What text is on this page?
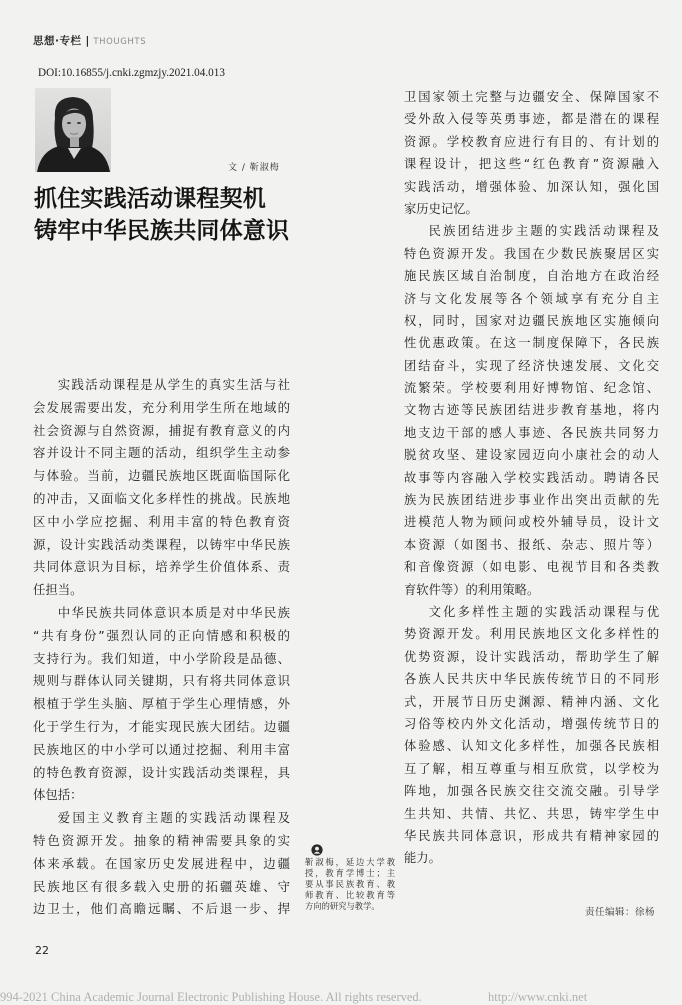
思想·专栏 | THOUGHTS
DOI:10.16855/j.cnki.zgmzjy.2021.04.013
文 / 靳淑梅
抓住实践活动课程契机
铸牢中华民族共同体意识
实践活动课程是从学生的真实生活与社
会发展需要出发，充分利用学生所在地域的
社会资源与自然资源，捕捉有教育意义的内
容并设计不同主题的活动，组织学生主动参
与体验。当前，边疆民族地区既面临国际化
的冲击，又面临文化多样性的挑战。民族地
区中小学应挖掘、利用丰富的特色教育资
源，设计实践活动类课程，以铸牢中华民族
共同体意识为目标，培养学生价值体系、责
任担当。
中华民族共同体意识本质是对中华民族
“共有身份”强烈认同的正向情感和积极的
支持行为。我们知道，中小学阶段是品德、
规则与群体认同关键期，只有将共同体意识
根植于学生头脑、厚植于学生心理情感，外
化于学生行为，才能实现民族大团结。边疆
民族地区的中小学可以通过挖掘、利用丰富
的特色教育资源，设计实践活动类课程，具
体包括：
爱国主义教育主题的实践活动课程及
特色资源开发。抽象的精神需要具象的实
体来承载。在国家历史发展进程中，边疆
民族地区有很多载入史册的拓疆英雄、守
边卫士，他们高瞻远瞩、不后退一步、捍
卫国家领土完整与边疆安全、保障国家不
受外敌入侵等英勇事迹，都是潜在的课程
资源。学校教育应进行有目的、有计划的
课程设计，把这些“红色教育”资源融入
实践活动，增强体验、加深认知，强化国
家历史记忆。
民族团结进步主题的实践活动课程及
特色资源开发。我国在少数民族聚居区实
施民族区域自治制度，自治地方在政治经
济与文化发展等各个领域享有充分自主
权，同时，国家对边疆民族地区实施倾向
性优惠政策。在这一制度保障下，各民族
团结奋斗，实现了经济快速发展、文化交
流繁荣。学校要利用好博物馆、纪念馆、
文物古迹等民族团结进步教育基地，将内
地支边干部的感人事迹、各民族共同努力
脱贫攻坚、建设家园迈向小康社会的动人
故事等内容融入学校实践活动。聘请各民
族为民族团结进步事业作出突出贡献的先
进模范人物为顾问或校外辅导员，设计文
本资源（如图书、报纸、杂志、照片等）
和音像资源（如电影、电视节目和各类教
育软件等）的利用策略。
文化多样性主题的实践活动课程与优
势资源开发。利用民族地区文化多样性的
优势资源，设计实践活动，帮助学生了解
各族人民共庆中华民族传统节日的不同形
式，开展节日历史渊源、精神内涵、文化
习俗等校内外文化活动，增强传统节日的
体验感、认知文化多样性，加强各民族相
互了解，相互尊重与相互欣赏，以学校为
阵地，加强各民族交往交流交融。引导学
生共知、共情、共忆、共思，铸牢学生中
华民族共同体意识，形成共有精神家园的
能力。
靳淑梅，延边大学教
授，教育学博士；主
要从事民族教育、教
师教育、比较教育等
方向的研究与教学。
责任编辑：徐杨
22
994-2021 China Academic Journal Electronic Publishing House. All rights reserved.	http://www.cnki.net
